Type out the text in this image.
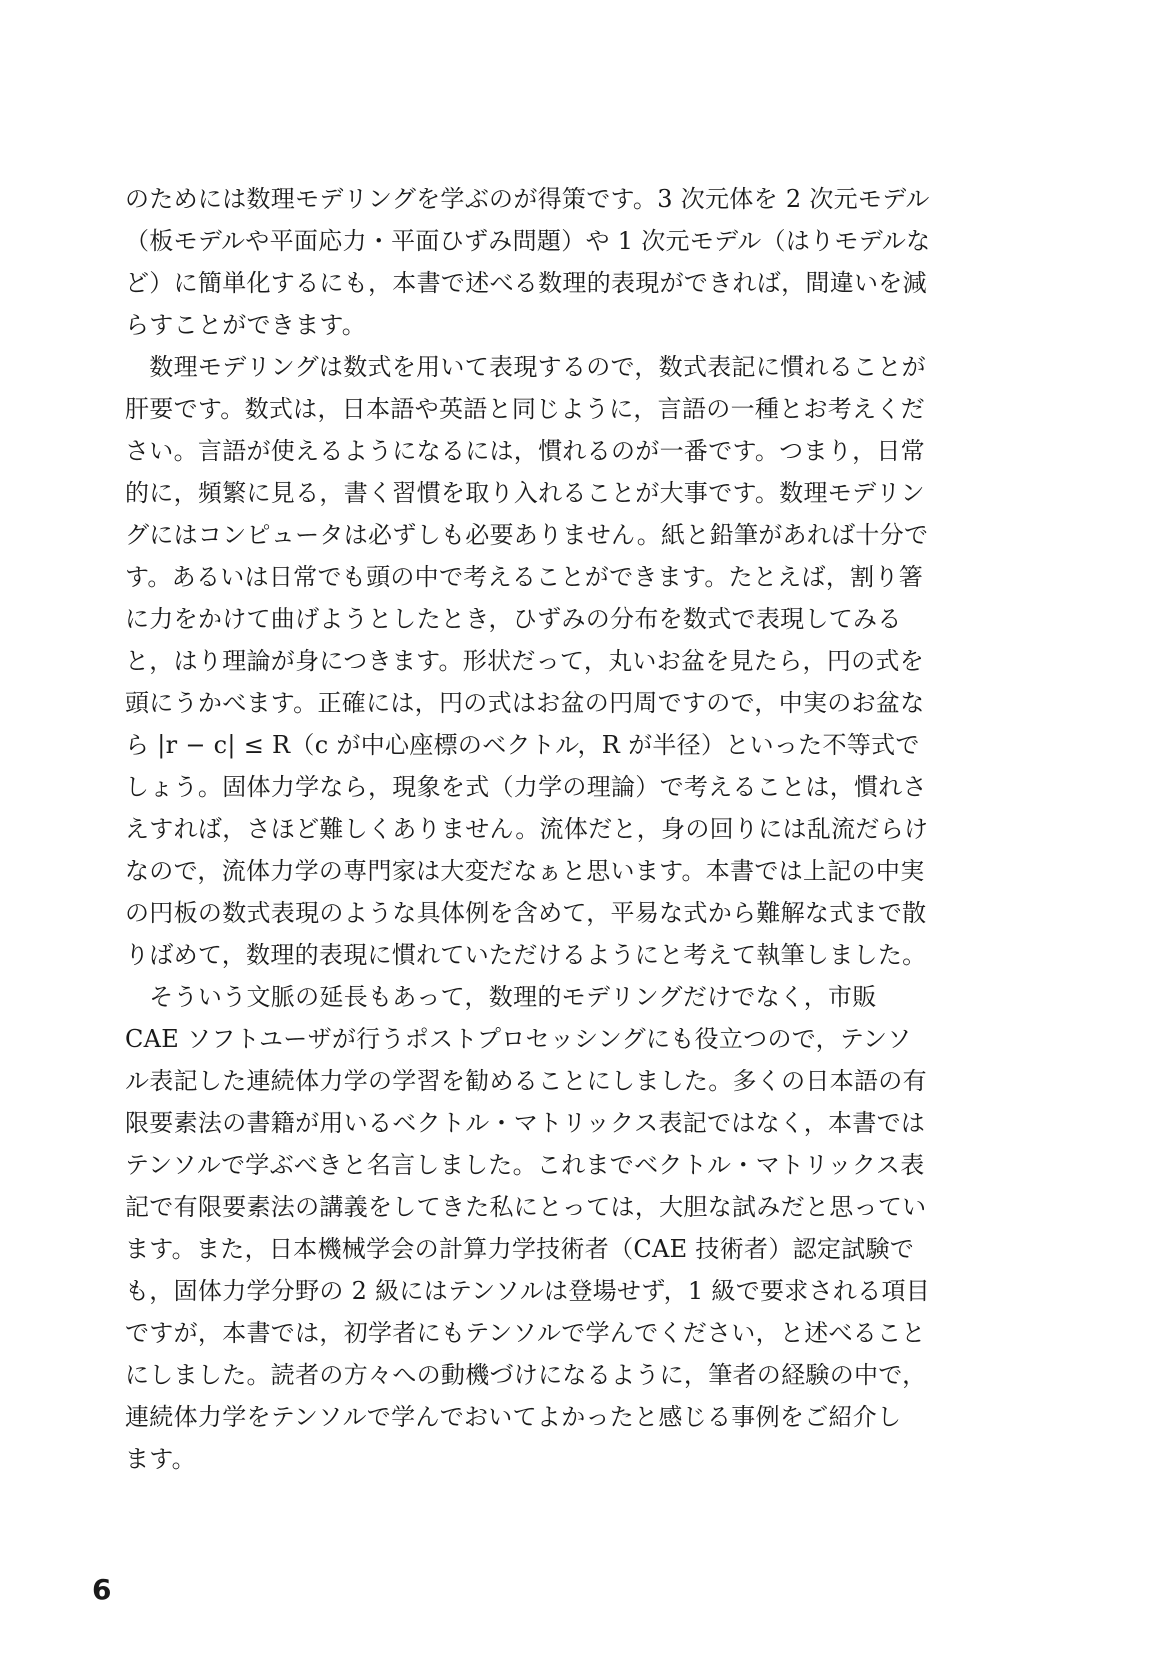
のためには数理モデリングを学ぶのが得策です。3 次元体を 2 次元モデル
（板モデルや平面応力・平面ひずみ問題）や 1 次元モデル（はりモデルな
ど）に簡単化するにも，本書で述べる数理的表現ができれば，間違いを減
らすことができます。
　数理モデリングは数式を用いて表現するので，数式表記に慣れることが
肝要です。数式は，日本語や英語と同じように，言語の一種とお考えくだ
さい。言語が使えるようになるには，慣れるのが一番です。つまり，日常
的に，頻繁に見る，書く習慣を取り入れることが大事です。数理モデリン
グにはコンピュータは必ずしも必要ありません。紙と鉛筆があれば十分で
す。あるいは日常でも頭の中で考えることができます。たとえば，割り箸
に力をかけて曲げようとしたとき，ひずみの分布を数式で表現してみる
と，はり理論が身につきます。形状だって，丸いお盆を見たら，円の式を
頭にうかべます。正確には，円の式はお盆の円周ですので，中実のお盆な
ら |r − c| ≤ R（c が中心座標のベクトル，R が半径）といった不等式で
しょう。固体力学なら，現象を式（力学の理論）で考えることは，慣れさ
えすれば，さほど難しくありません。流体だと，身の回りには乱流だらけ
なので，流体力学の専門家は大変だなぁと思います。本書では上記の中実
の円板の数式表現のような具体例を含めて，平易な式から難解な式まで散
りばめて，数理的表現に慣れていただけるようにと考えて執筆しました。
　そういう文脈の延長もあって，数理的モデリングだけでなく，市販
CAE ソフトユーザが行うポストプロセッシングにも役立つので，テンソ
ル表記した連続体力学の学習を勧めることにしました。多くの日本語の有
限要素法の書籍が用いるベクトル・マトリックス表記ではなく，本書では
テンソルで学ぶべきと名言しました。これまでベクトル・マトリックス表
記で有限要素法の講義をしてきた私にとっては，大胆な試みだと思ってい
ます。また，日本機械学会の計算力学技術者（CAE 技術者）認定試験で
も，固体力学分野の 2 級にはテンソルは登場せず，1 級で要求される項目
ですが，本書では，初学者にもテンソルで学んでください，と述べること
にしました。読者の方々への動機づけになるように，筆者の経験の中で，
連続体力学をテンソルで学んでおいてよかったと感じる事例をご紹介し
ます。
6
